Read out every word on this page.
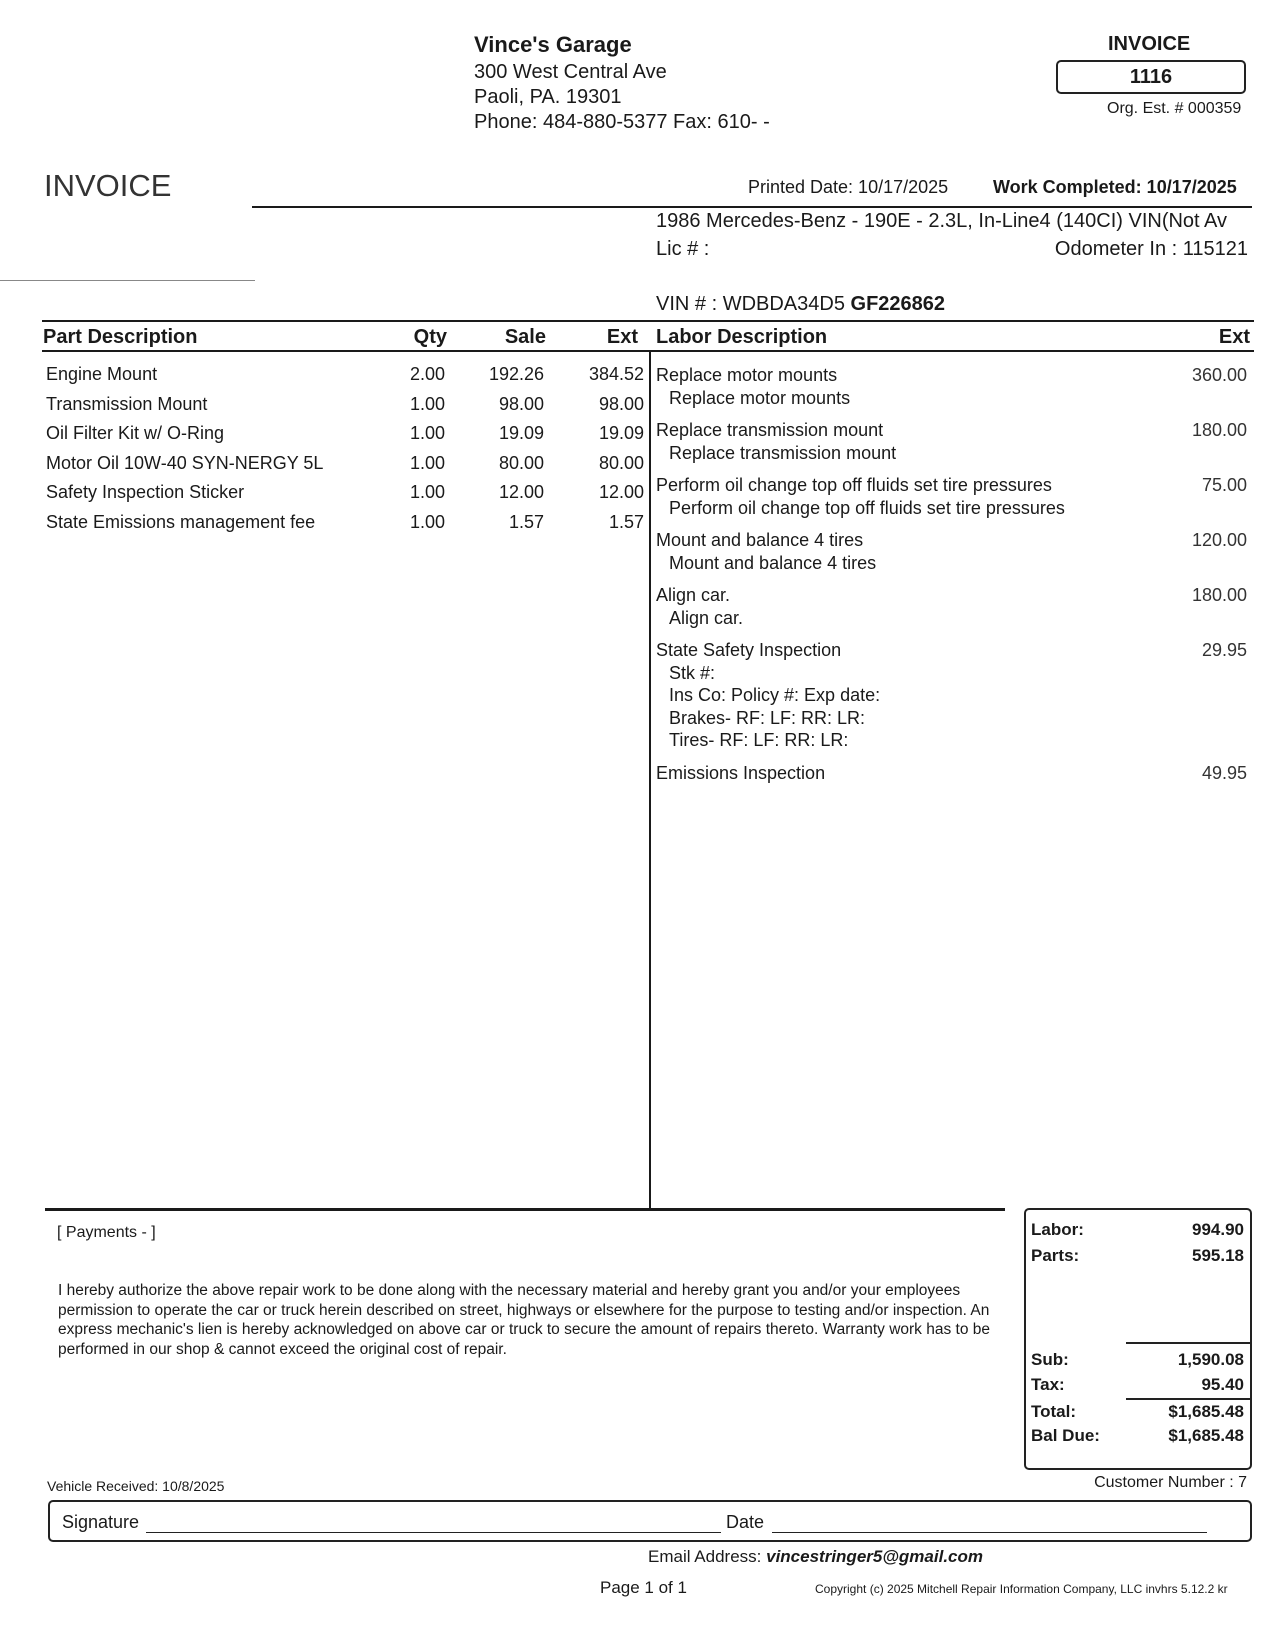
Vince's Garage
300 West Central Ave
Paoli, PA. 19301
Phone: 484-880-5377 Fax: 610- -
INVOICE
1116
Org. Est. # 000359
INVOICE	Printed Date: 10/17/2025 Work Completed: 10/17/2025
1986 Mercedes-Benz - 190E - 2.3L, In-Line4 (140CI) VIN(Not Av
Lic # :	Odometer In : 115121
VIN # : WDBDA34D5 GF226862
Part Description	Qty	Sale	Ext Labor Description	Ext
Engine Mount	2.00 192.26 384.52
Transmission Mount	1.00	98.00	98.00
Oil Filter Kit w/ O-Ring	1.00	19.09	19.09
Motor Oil 10W-40 SYN-NERGY 5L	1.00	80.00	80.00
Safety Inspection Sticker	1.00	12.00	12.00
State Emissions management fee	1.00	1.57	1.57
Replace motor mounts	360.00
Replace motor mounts
Replace transmission mount	180.00
Replace transmission mount
Perform oil change top off fluids set tire pressures	75.00
Perform oil change top off fluids set tire pressures
Mount and balance 4 tires	120.00
Mount and balance 4 tires
Align car.	180.00
Align car.
State Safety Inspection	29.95
Stk #:
Ins Co: Policy #: Exp date:
Brakes- RF: LF: RR: LR:
Tires- RF: LF: RR: LR:
Emissions Inspection	49.95
[ Payments - ]
I hereby authorize the above repair work to be done along with the necessary material and hereby grant you and/or your employees permission to operate the car or truck herein described on street, highways or elsewhere for the purpose to testing and/or inspection. An express mechanic's lien is hereby acknowledged on above car or truck to secure the amount of repairs thereto. Warranty work has to be performed in our shop & cannot exceed the original cost of repair.
Labor:	994.90
Parts:	595.18
Sub:	1,590.08
Tax:	95.40
Total:	$1,685.48
Bal Due:	$1,685.48
Vehicle Received: 10/8/2025	Customer Number : 7
Signature	Date
Email Address: vincestringer5@gmail.com
Page 1 of 1	Copyright (c) 2025 Mitchell Repair Information Company, LLC invhrs 5.12.2 kr
